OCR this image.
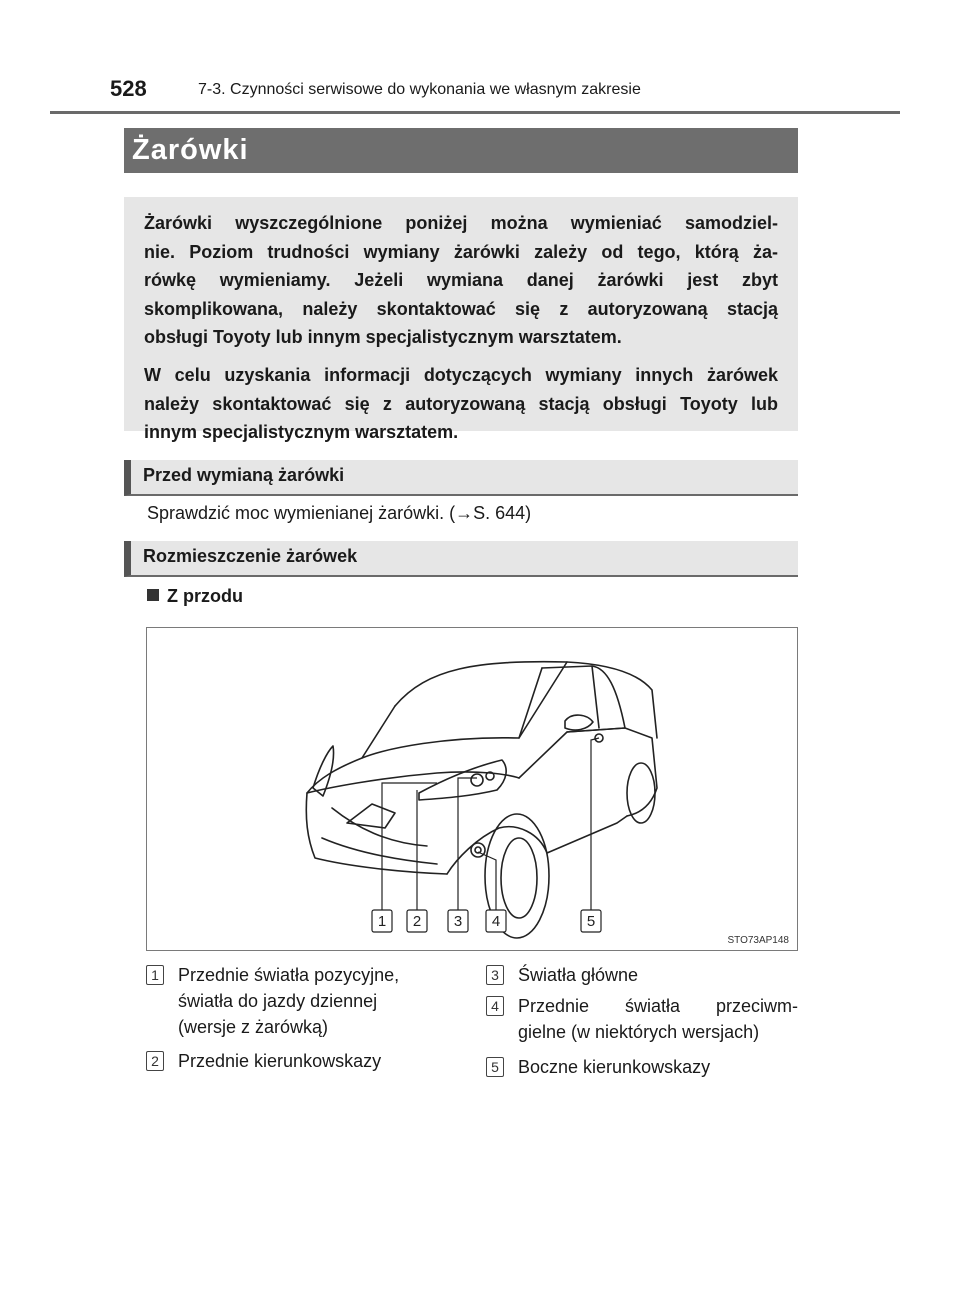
528	7-3. Czynności serwisowe do wykonania we własnym zakresie
Żarówki

Żarówki wyszczególnione poniżej można wymieniać samodziel-
nie. Poziom trudności wymiany żarówki zależy od tego, którą ża-
rówkę wymieniamy. Jeżeli wymiana danej żarówki jest zbyt
skomplikowana, należy skontaktować się z autoryzowaną stacją
obsługi Toyoty lub innym specjalistycznym warsztatem.

W celu uzyskania informacji dotyczących wymiany innych żarówek
należy skontaktować się z autoryzowaną stacją obsługi Toyoty lub
innym specjalistycznym warsztatem.

Przed wymianą żarówki
Sprawdzić moc wymienianej żarówki. (→S. 644)
Rozmieszczenie żarówek
Z przodu
1 2 3 4	5
STO73AP148
1 Przednie światła pozycyjne,
światła do jazdy dziennej
(wersje z żarówką)
2 Przednie kierunkowskazy
3 Światła główne
4 Przednie światła przeciwm-
gielne (w niektórych wersjach)
5 Boczne kierunkowskazy
